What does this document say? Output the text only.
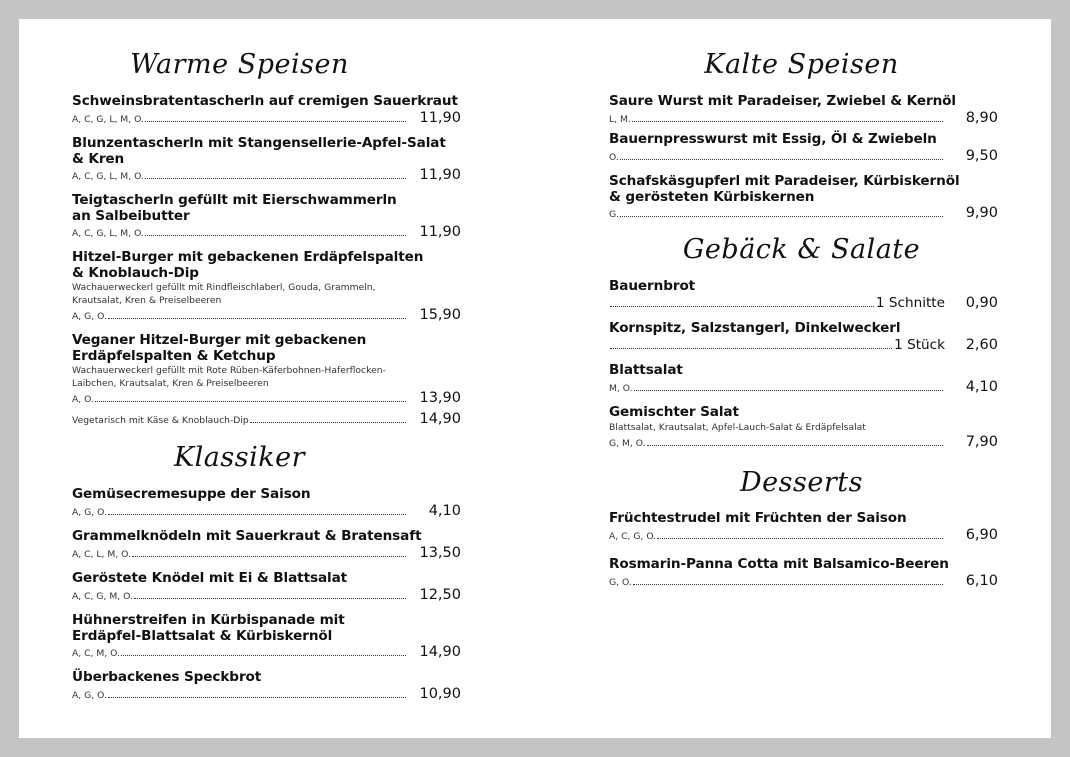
Warme Speisen
Schweinsbratentascherln auf cremigen Sauerkraut
A, C, G, L, M, O.	11,90
Blunzentascherln mit Stangensellerie-Apfel-Salat
& Kren
A, C, G, L, M, O.	11,90
Teigtascherln gefüllt mit Eierschwammerln
an Salbeibutter
A, C, G, L, M, O.	11,90
Hitzel-Burger mit gebackenen Erdäpfelspalten
& Knoblauch-Dip
Wachauerweckerl gefüllt mit Rindfleischlaberl, Gouda, Grammeln,
Krautsalat, Kren & Preiselbeeren
A, G, O.	15,90
Veganer Hitzel-Burger mit gebackenen
Erdäpfelspalten & Ketchup
Wachauerweckerl gefüllt mit Rote Rüben-Käferbohnen-Haferflocken-
Laibchen, Krautsalat, Kren & Preiselbeeren
A, O.	13,90
Vegetarisch mit Käse & Knoblauch-Dip	14,90
Klassiker
Gemüsecremesuppe der Saison
A, G, O.	4,10
Grammelknödeln mit Sauerkraut & Bratensaft
A, C, L, M, O.	13,50
Geröstete Knödel mit Ei & Blattsalat
A, C, G, M, O.	12,50
Hühnerstreifen in Kürbispanade mit
Erdäpfel-Blattsalat & Kürbiskernöl
A, C, M, O.	14,90
Überbackenes Speckbrot
A, G, O.	10,90
Kalte Speisen
Saure Wurst mit Paradeiser, Zwiebel & Kernöl
L, M.	8,90
Bauernpresswurst mit Essig, Öl & Zwiebeln
O.	9,50
Schafskäsgupferl mit Paradeiser, Kürbiskernöl
& gerösteten Kürbiskernen
G.	9,90
Gebäck & Salate
Bauernbrot
1 Schnitte	0,90
Kornspitz, Salzstangerl, Dinkelweckerl
1 Stück	2,60
Blattsalat
M, O.	4,10
Gemischter Salat
Blattsalat, Krautsalat, Apfel-Lauch-Salat & Erdäpfelsalat
G, M, O.	7,90
Desserts
Früchtestrudel mit Früchten der Saison
A, C, G, O.	6,90
Rosmarin-Panna Cotta mit Balsamico-Beeren
G, O.	6,10
